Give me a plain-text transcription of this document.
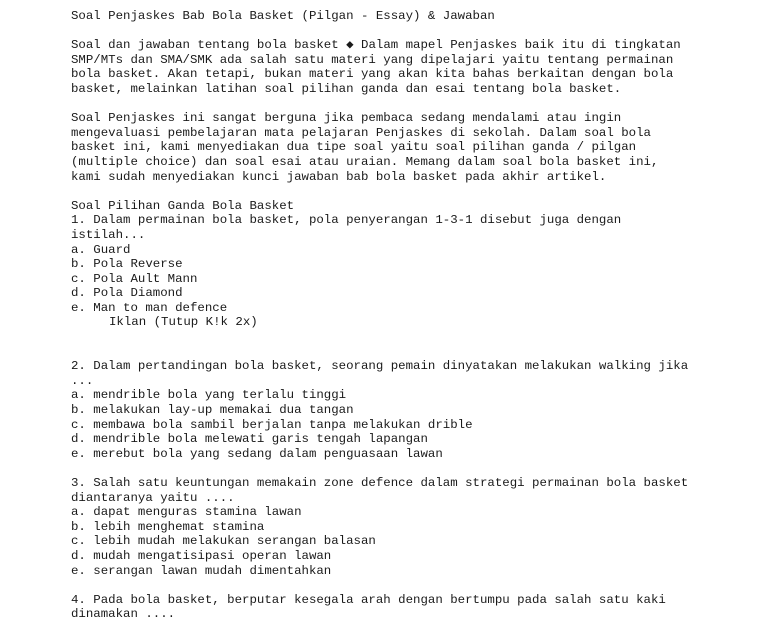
Soal Penjaskes Bab Bola Basket (Pilgan - Essay) & Jawaban
Soal dan jawaban tentang bola basket ◆ Dalam mapel Penjaskes baik itu di tingkatan
SMP/MTs dan SMA/SMK ada salah satu materi yang dipelajari yaitu tentang permainan
bola basket. Akan tetapi, bukan materi yang akan kita bahas berkaitan dengan bola
basket, melainkan latihan soal pilihan ganda dan esai tentang bola basket.
Soal Penjaskes ini sangat berguna jika pembaca sedang mendalami atau ingin
mengevaluasi pembelajaran mata pelajaran Penjaskes di sekolah. Dalam soal bola
basket ini, kami menyediakan dua tipe soal yaitu soal pilihan ganda / pilgan
(multiple choice) dan soal esai atau uraian. Memang dalam soal bola basket ini,
kami sudah menyediakan kunci jawaban bab bola basket pada akhir artikel.
Soal Pilihan Ganda Bola Basket
1. Dalam permainan bola basket, pola penyerangan 1-3-1 disebut juga dengan
istilah...
a. Guard
b. Pola Reverse
c. Pola Ault Mann
d. Pola Diamond
e. Man to man defence
Iklan (Tutup K!k 2x)
2. Dalam pertandingan bola basket, seorang pemain dinyatakan melakukan walking jika
...
a. mendrible bola yang terlalu tinggi
b. melakukan lay-up memakai dua tangan
c. membawa bola sambil berjalan tanpa melakukan drible
d. mendrible bola melewati garis tengah lapangan
e. merebut bola yang sedang dalam penguasaan lawan
3. Salah satu keuntungan memakain zone defence dalam strategi permainan bola basket
diantaranya yaitu ....
a. dapat menguras stamina lawan
b. lebih menghemat stamina
c. lebih mudah melakukan serangan balasan
d. mudah mengatisipasi operan lawan
e. serangan lawan mudah dimentahkan
4. Pada bola basket, berputar kesegala arah dengan bertumpu pada salah satu kaki
dinamakan ....
